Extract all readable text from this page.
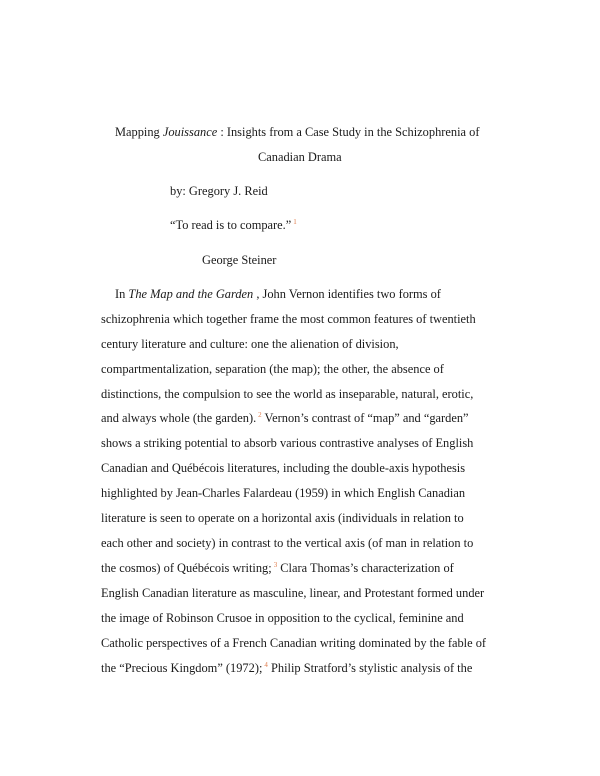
Mapping Jouissance : Insights from a Case Study in the Schizophrenia of
Canadian Drama
by: Gregory J. Reid
“To read is to compare.” $^1$
George Steiner
In The Map and the Garden , John Vernon identifies two forms of
schizophrenia which together frame the most common features of twentieth
century literature and culture: one the alienation of division,
compartmentalization, separation (the map); the other, the absence of
distinctions, the compulsion to see the world as inseparable, natural, erotic,
and always whole (the garden). $^2$ Vernon’s contrast of “map” and “garden”
shows a striking potential to absorb various contrastive analyses of English
Canadian and Québécois literatures, including the double-axis hypothesis
highlighted by Jean-Charles Falardeau (1959) in which English Canadian
literature is seen to operate on a horizontal axis (individuals in relation to
each other and society) in contrast to the vertical axis (of man in relation to
the cosmos) of Québécois writing; $^3$ Clara Thomas’s characterization of
English Canadian literature as masculine, linear, and Protestant formed under
the image of Robinson Crusoe in opposition to the cyclical, feminine and
Catholic perspectives of a French Canadian writing dominated by the fable of
the “Precious Kingdom” (1972); $^4$ Philip Stratford’s stylistic analysis of the
